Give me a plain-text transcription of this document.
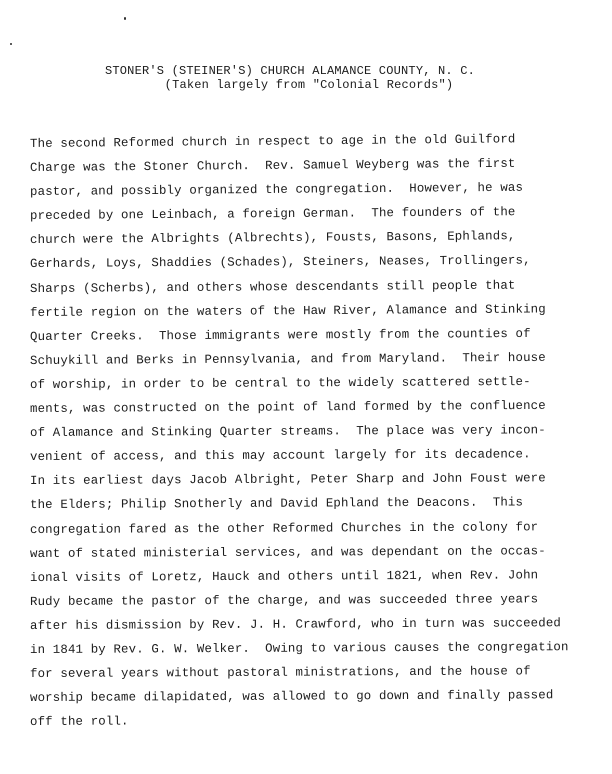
STONER'S (STEINER'S) CHURCH ALAMANCE COUNTY, N. C.
(Taken largely from "Colonial Records")
The second Reformed church in respect to age in the old Guilford
Charge was the Stoner Church.  Rev. Samuel Weyberg was the first
pastor, and possibly organized the congregation.  However, he was
preceded by one Leinbach, a foreign German.  The founders of the
church were the Albrights (Albrechts), Fousts, Basons, Ephlands,
Gerhards, Loys, Shaddies (Schades), Steiners, Neases, Trollingers,
Sharps (Scherbs), and others whose descendants still people that
fertile region on the waters of the Haw River, Alamance and Stinking
Quarter Creeks.  Those immigrants were mostly from the counties of
Schuykill and Berks in Pennsylvania, and from Maryland.  Their house
of worship, in order to be central to the widely scattered settle-
ments, was constructed on the point of land formed by the confluence
of Alamance and Stinking Quarter streams.  The place was very incon-
venient of access, and this may account largely for its decadence.
In its earliest days Jacob Albright, Peter Sharp and John Foust were
the Elders; Philip Snotherly and David Ephland the Deacons.  This
congregation fared as the other Reformed Churches in the colony for
want of stated ministerial services, and was dependant on the occas-
ional visits of Loretz, Hauck and others until 1821, when Rev. John
Rudy became the pastor of the charge, and was succeeded three years
after his dismission by Rev. J. H. Crawford, who in turn was succeeded
in 1841 by Rev. G. W. Welker.  Owing to various causes the congregation
for several years without pastoral ministrations, and the house of
worship became dilapidated, was allowed to go down and finally passed
off the roll.
